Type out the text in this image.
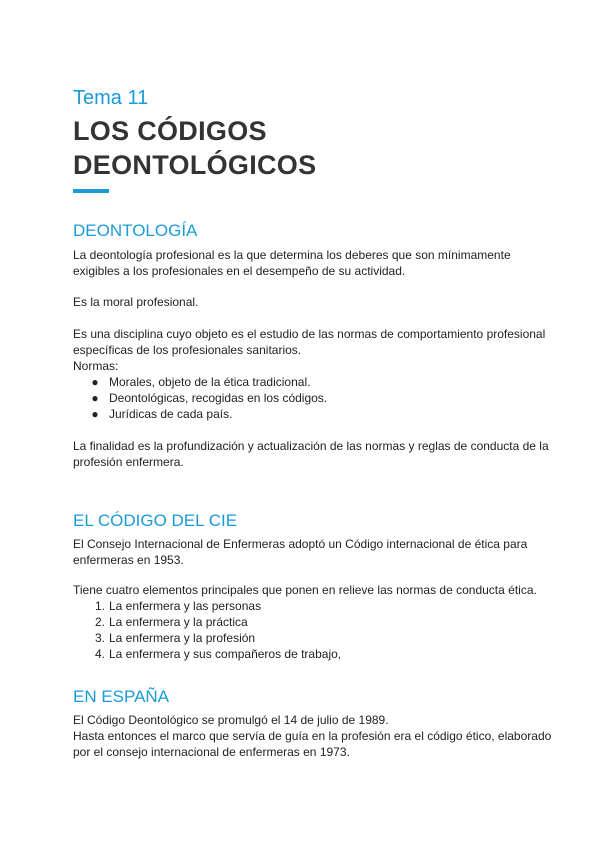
Tema 11
LOS CÓDIGOS
DEONTOLÓGICOS
DEONTOLOGÍA
La deontología profesional es la que determina los deberes que son mínimamente
exigibles a los profesionales en el desempeño de su actividad.
Es la moral profesional.
Es una disciplina cuyo objeto es el estudio de las normas de comportamiento profesional
específicas de los profesionales sanitarios.
Normas:
● Morales, objeto de la ética tradicional.
● Deontológicas, recogidas en los códigos.
● Jurídicas de cada país.
La finalidad es la profundización y actualización de las normas y reglas de conducta de la
profesión enfermera.
EL CÓDIGO DEL CIE
El Consejo Internacional de Enfermeras adoptó un Código internacional de ética para
enfermeras en 1953.
Tiene cuatro elementos principales que ponen en relieve las normas de conducta ética.
1. La enfermera y las personas
2. La enfermera y la práctica
3. La enfermera y la profesión
4. La enfermera y sus compañeros de trabajo,
EN ESPAÑA
El Código Deontológico se promulgó el 14 de julio de 1989.
Hasta entonces el marco que servía de guía en la profesión era el código ético, elaborado
por el consejo internacional de enfermeras en 1973.
